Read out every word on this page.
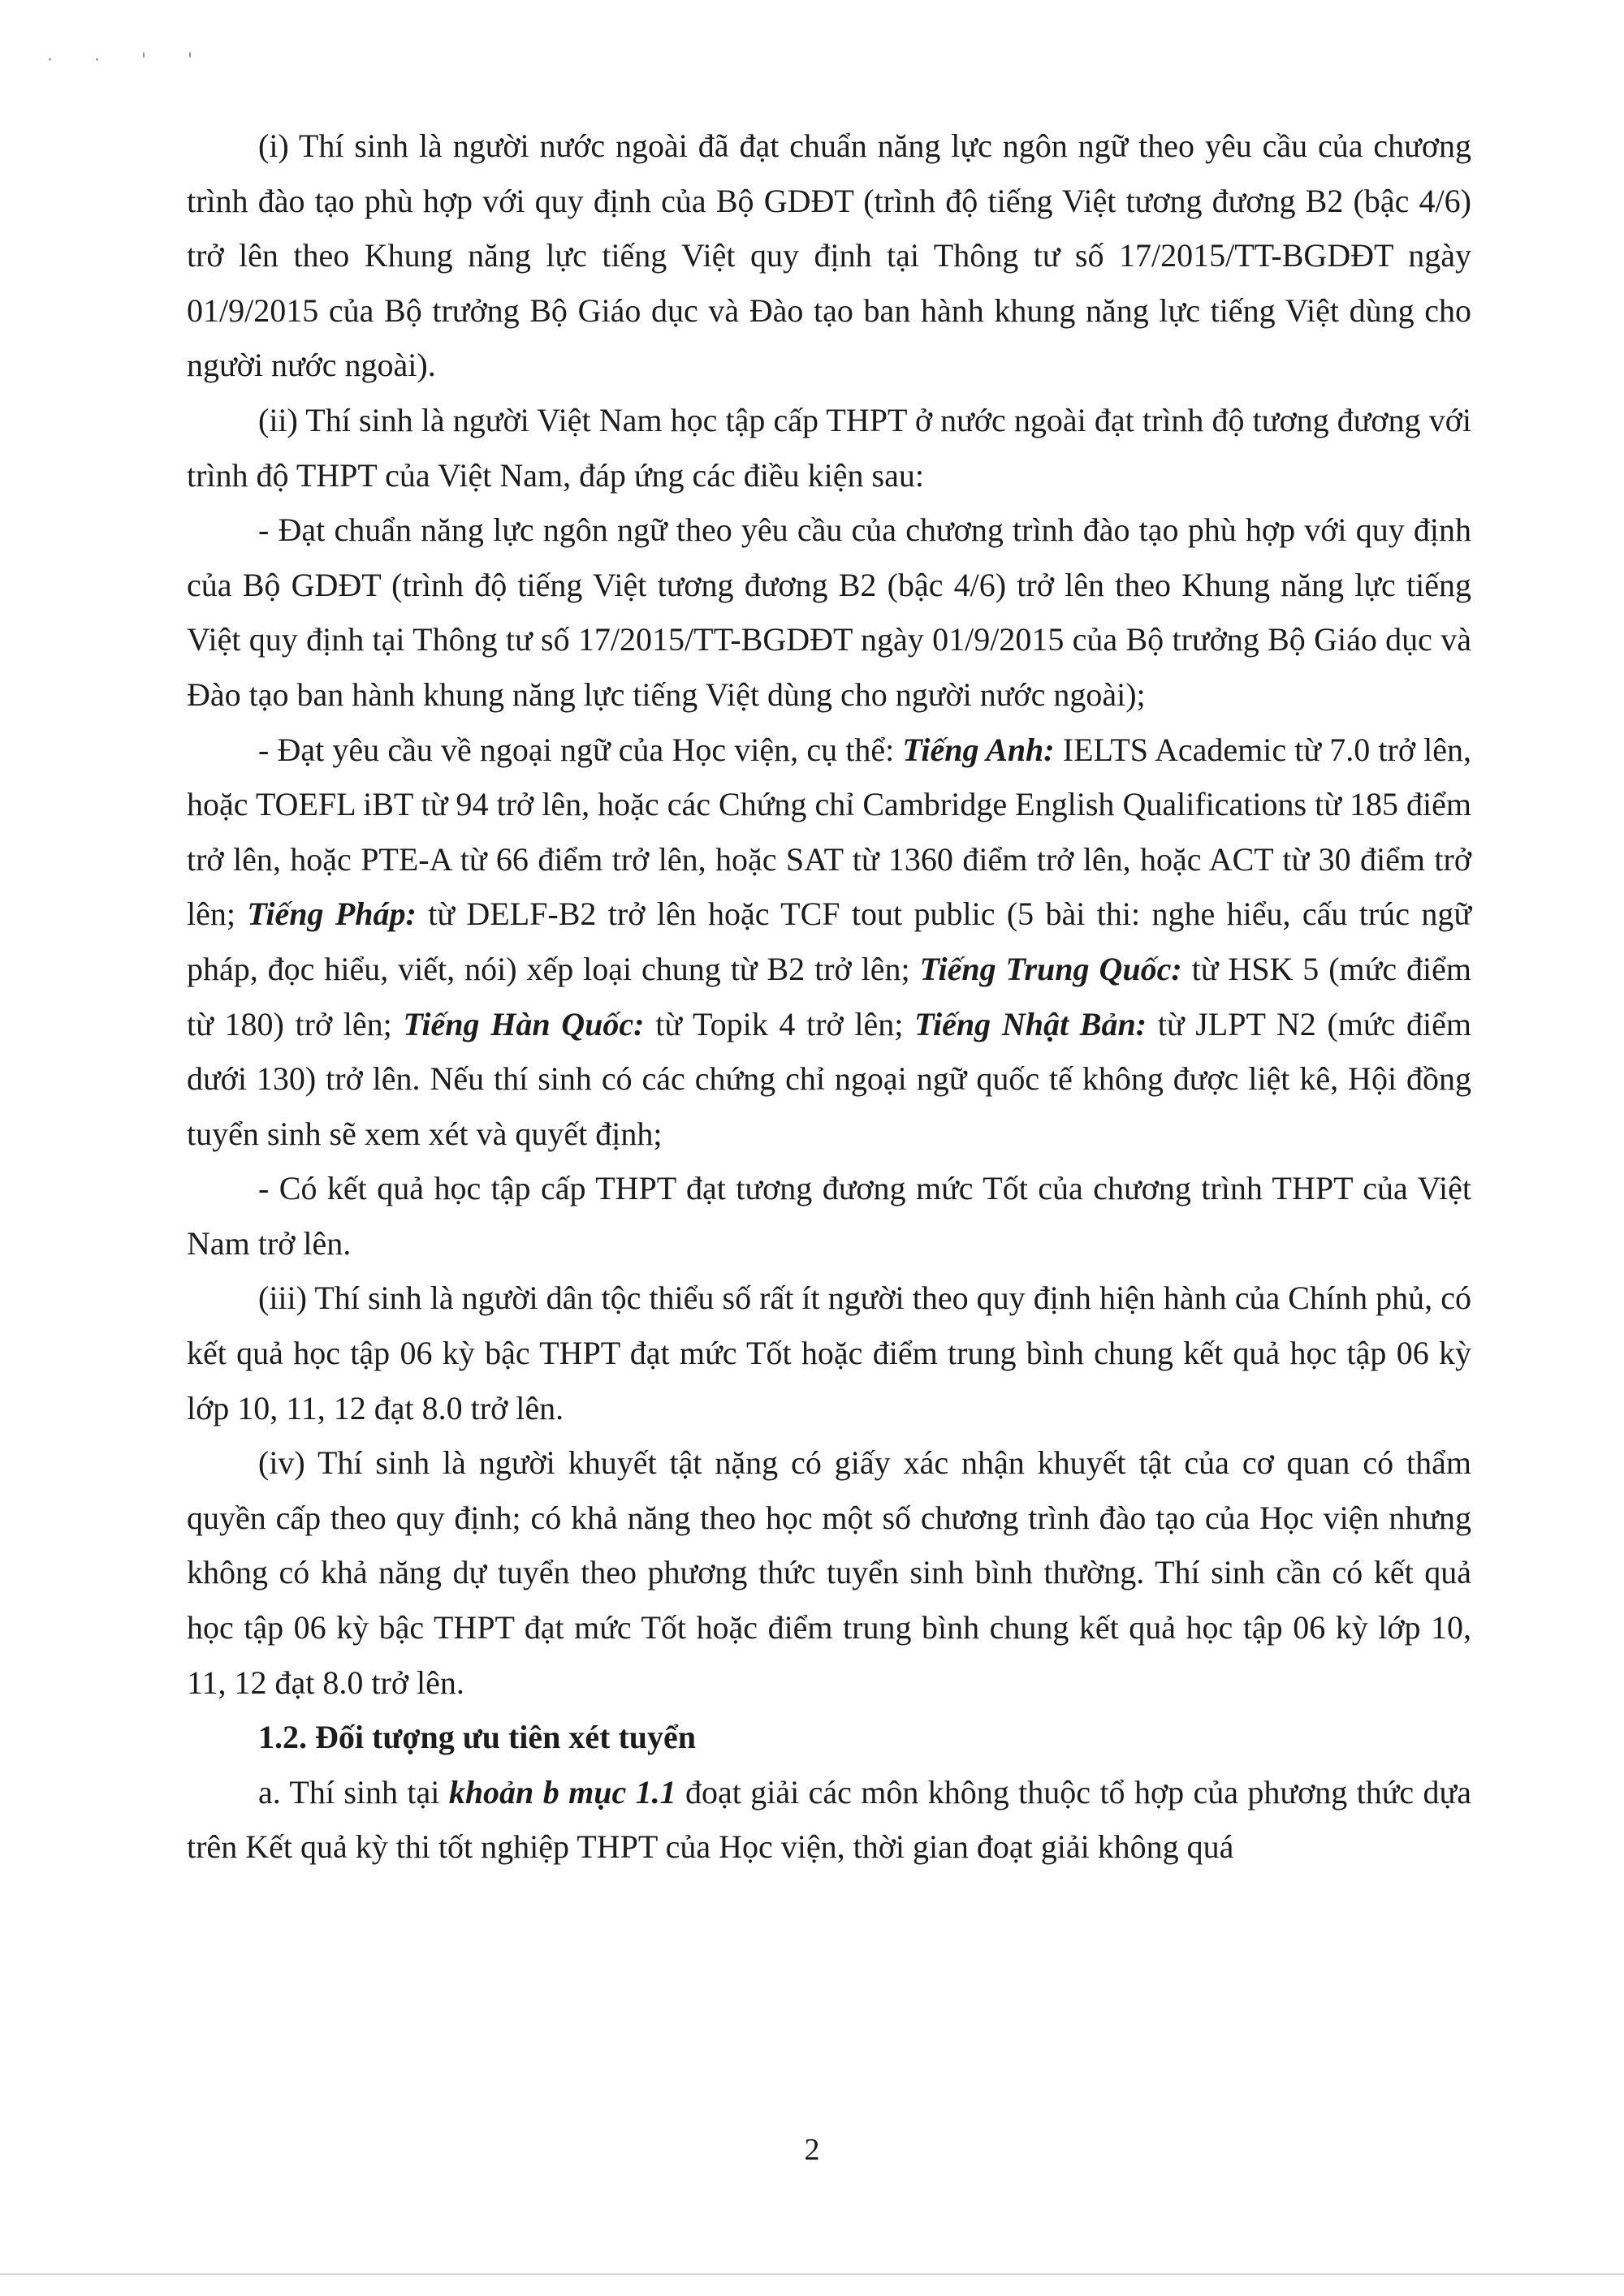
· · ' '

(i) Thí sinh là người nước ngoài đã đạt chuẩn năng lực ngôn ngữ theo yêu cầu của chương trình đào tạo phù hợp với quy định của Bộ GDĐT (trình độ tiếng Việt tương đương B2 (bậc 4/6) trở lên theo Khung năng lực tiếng Việt quy định tại Thông tư số 17/2015/TT-BGDĐT ngày 01/9/2015 của Bộ trưởng Bộ Giáo dục và Đào tạo ban hành khung năng lực tiếng Việt dùng cho người nước ngoài).

(ii) Thí sinh là người Việt Nam học tập cấp THPT ở nước ngoài đạt trình độ tương đương với trình độ THPT của Việt Nam, đáp ứng các điều kiện sau:

- Đạt chuẩn năng lực ngôn ngữ theo yêu cầu của chương trình đào tạo phù hợp với quy định của Bộ GDĐT (trình độ tiếng Việt tương đương B2 (bậc 4/6) trở lên theo Khung năng lực tiếng Việt quy định tại Thông tư số 17/2015/TT-BGDĐT ngày 01/9/2015 của Bộ trưởng Bộ Giáo dục và Đào tạo ban hành khung năng lực tiếng Việt dùng cho người nước ngoài);

- Đạt yêu cầu về ngoại ngữ của Học viện, cụ thể: Tiếng Anh: IELTS Academic từ 7.0 trở lên, hoặc TOEFL iBT từ 94 trở lên, hoặc các Chứng chỉ Cambridge English Qualifications từ 185 điểm trở lên, hoặc PTE-A từ 66 điểm trở lên, hoặc SAT từ 1360 điểm trở lên, hoặc ACT từ 30 điểm trở lên; Tiếng Pháp: từ DELF-B2 trở lên hoặc TCF tout public (5 bài thi: nghe hiểu, cấu trúc ngữ pháp, đọc hiểu, viết, nói) xếp loại chung từ B2 trở lên; Tiếng Trung Quốc: từ HSK 5 (mức điểm từ 180) trở lên; Tiếng Hàn Quốc: từ Topik 4 trở lên; Tiếng Nhật Bản: từ JLPT N2 (mức điểm dưới 130) trở lên. Nếu thí sinh có các chứng chỉ ngoại ngữ quốc tế không được liệt kê, Hội đồng tuyển sinh sẽ xem xét và quyết định;

- Có kết quả học tập cấp THPT đạt tương đương mức Tốt của chương trình THPT của Việt Nam trở lên.

(iii) Thí sinh là người dân tộc thiểu số rất ít người theo quy định hiện hành của Chính phủ, có kết quả học tập 06 kỳ bậc THPT đạt mức Tốt hoặc điểm trung bình chung kết quả học tập 06 kỳ lớp 10, 11, 12 đạt 8.0 trở lên.

(iv) Thí sinh là người khuyết tật nặng có giấy xác nhận khuyết tật của cơ quan có thẩm quyền cấp theo quy định; có khả năng theo học một số chương trình đào tạo của Học viện nhưng không có khả năng dự tuyển theo phương thức tuyển sinh bình thường. Thí sinh cần có kết quả học tập 06 kỳ bậc THPT đạt mức Tốt hoặc điểm trung bình chung kết quả học tập 06 kỳ lớp 10, 11, 12 đạt 8.0 trở lên.

1.2. Đối tượng ưu tiên xét tuyển

a. Thí sinh tại khoản b mục 1.1 đoạt giải các môn không thuộc tổ hợp của phương thức dựa trên Kết quả kỳ thi tốt nghiệp THPT của Học viện, thời gian đoạt giải không quá

2
